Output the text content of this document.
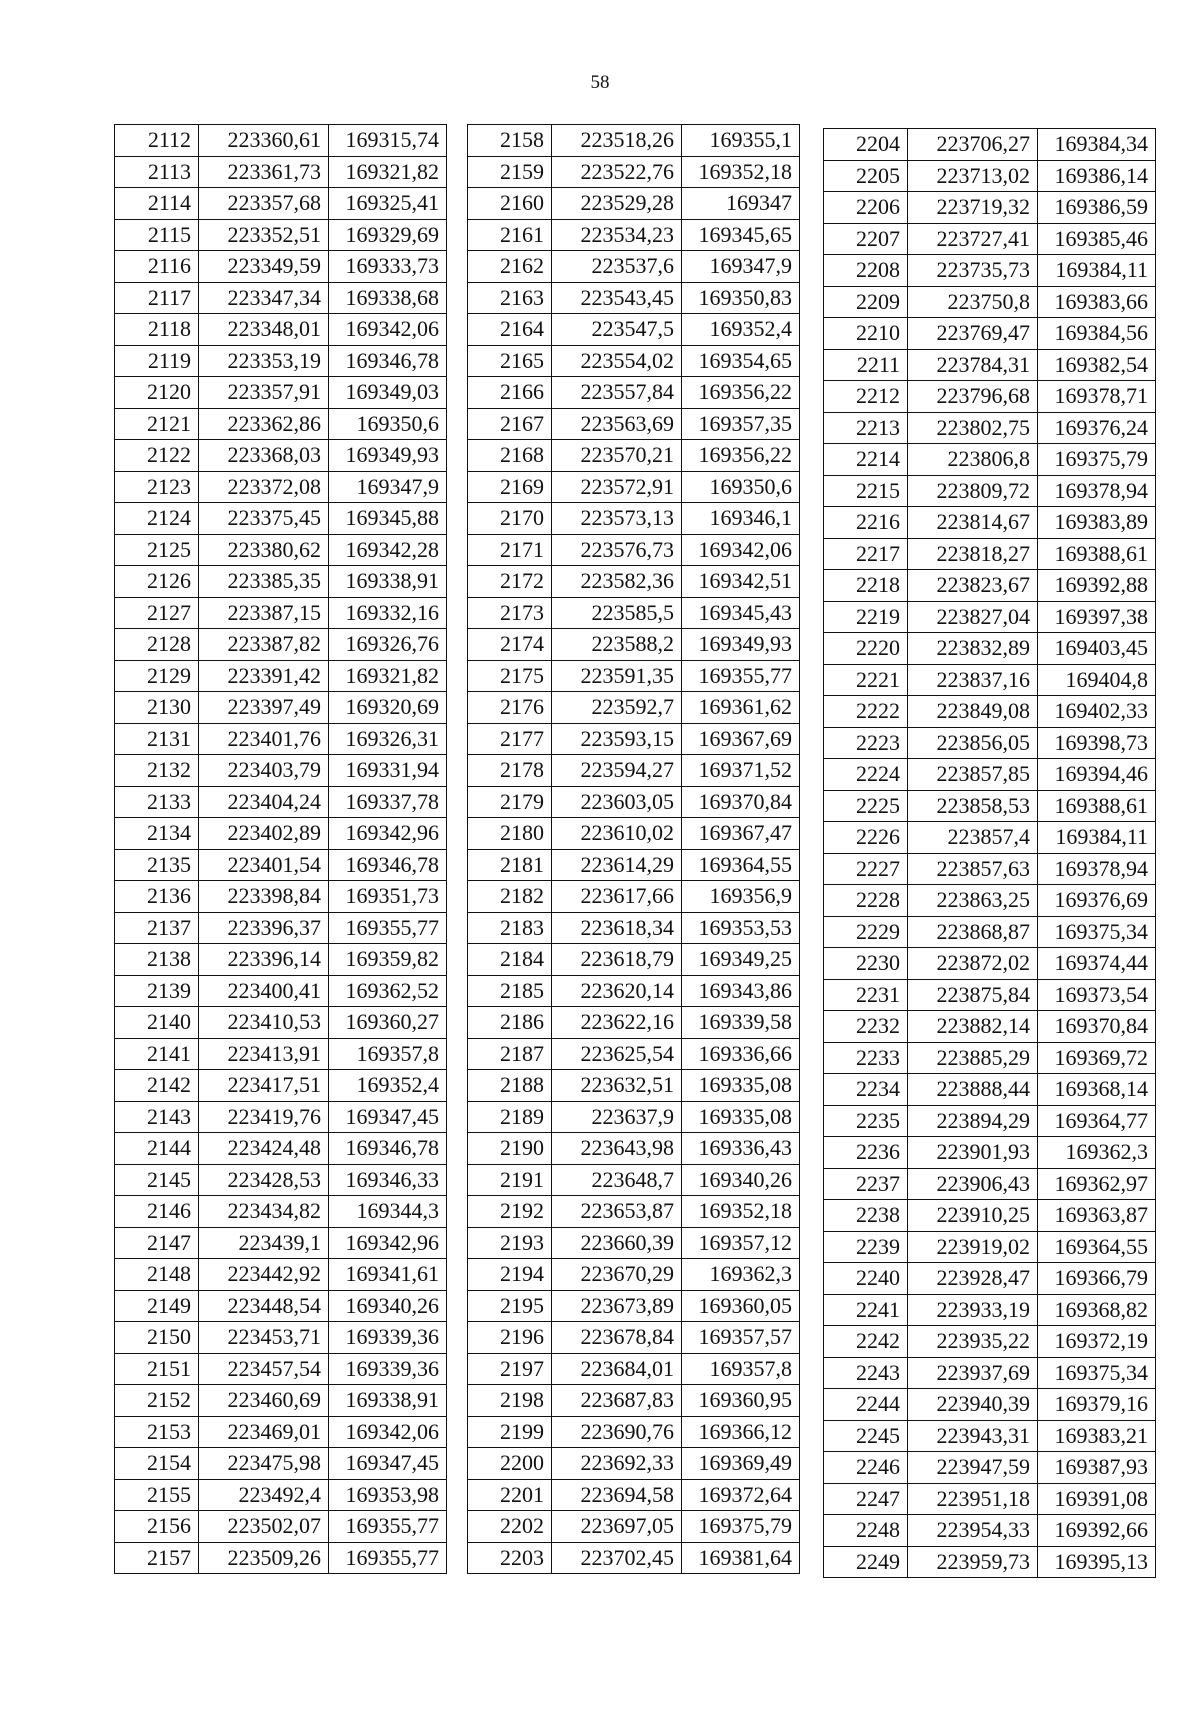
58
2112	223360,61	169315,74
2113	223361,73	169321,82
2114	223357,68	169325,41
2115	223352,51	169329,69
2116	223349,59	169333,73
2117	223347,34	169338,68
2118	223348,01	169342,06
2119	223353,19	169346,78
2120	223357,91	169349,03
2121	223362,86	169350,6
2122	223368,03	169349,93
2123	223372,08	169347,9
2124	223375,45	169345,88
2125	223380,62	169342,28
2126	223385,35	169338,91
2127	223387,15	169332,16
2128	223387,82	169326,76
2129	223391,42	169321,82
2130	223397,49	169320,69
2131	223401,76	169326,31
2132	223403,79	169331,94
2133	223404,24	169337,78
2134	223402,89	169342,96
2135	223401,54	169346,78
2136	223398,84	169351,73
2137	223396,37	169355,77
2138	223396,14	169359,82
2139	223400,41	169362,52
2140	223410,53	169360,27
2141	223413,91	169357,8
2142	223417,51	169352,4
2143	223419,76	169347,45
2144	223424,48	169346,78
2145	223428,53	169346,33
2146	223434,82	169344,3
2147	223439,1	169342,96
2148	223442,92	169341,61
2149	223448,54	169340,26
2150	223453,71	169339,36
2151	223457,54	169339,36
2152	223460,69	169338,91
2153	223469,01	169342,06
2154	223475,98	169347,45
2155	223492,4	169353,98
2156	223502,07	169355,77
2157	223509,26	169355,77
2158	223518,26	169355,1
2159	223522,76	169352,18
2160	223529,28	169347
2161	223534,23	169345,65
2162	223537,6	169347,9
2163	223543,45	169350,83
2164	223547,5	169352,4
2165	223554,02	169354,65
2166	223557,84	169356,22
2167	223563,69	169357,35
2168	223570,21	169356,22
2169	223572,91	169350,6
2170	223573,13	169346,1
2171	223576,73	169342,06
2172	223582,36	169342,51
2173	223585,5	169345,43
2174	223588,2	169349,93
2175	223591,35	169355,77
2176	223592,7	169361,62
2177	223593,15	169367,69
2178	223594,27	169371,52
2179	223603,05	169370,84
2180	223610,02	169367,47
2181	223614,29	169364,55
2182	223617,66	169356,9
2183	223618,34	169353,53
2184	223618,79	169349,25
2185	223620,14	169343,86
2186	223622,16	169339,58
2187	223625,54	169336,66
2188	223632,51	169335,08
2189	223637,9	169335,08
2190	223643,98	169336,43
2191	223648,7	169340,26
2192	223653,87	169352,18
2193	223660,39	169357,12
2194	223670,29	169362,3
2195	223673,89	169360,05
2196	223678,84	169357,57
2197	223684,01	169357,8
2198	223687,83	169360,95
2199	223690,76	169366,12
2200	223692,33	169369,49
2201	223694,58	169372,64
2202	223697,05	169375,79
2203	223702,45	169381,64
2204	223706,27	169384,34
2205	223713,02	169386,14
2206	223719,32	169386,59
2207	223727,41	169385,46
2208	223735,73	169384,11
2209	223750,8	169383,66
2210	223769,47	169384,56
2211	223784,31	169382,54
2212	223796,68	169378,71
2213	223802,75	169376,24
2214	223806,8	169375,79
2215	223809,72	169378,94
2216	223814,67	169383,89
2217	223818,27	169388,61
2218	223823,67	169392,88
2219	223827,04	169397,38
2220	223832,89	169403,45
2221	223837,16	169404,8
2222	223849,08	169402,33
2223	223856,05	169398,73
2224	223857,85	169394,46
2225	223858,53	169388,61
2226	223857,4	169384,11
2227	223857,63	169378,94
2228	223863,25	169376,69
2229	223868,87	169375,34
2230	223872,02	169374,44
2231	223875,84	169373,54
2232	223882,14	169370,84
2233	223885,29	169369,72
2234	223888,44	169368,14
2235	223894,29	169364,77
2236	223901,93	169362,3
2237	223906,43	169362,97
2238	223910,25	169363,87
2239	223919,02	169364,55
2240	223928,47	169366,79
2241	223933,19	169368,82
2242	223935,22	169372,19
2243	223937,69	169375,34
2244	223940,39	169379,16
2245	223943,31	169383,21
2246	223947,59	169387,93
2247	223951,18	169391,08
2248	223954,33	169392,66
2249	223959,73	169395,13
